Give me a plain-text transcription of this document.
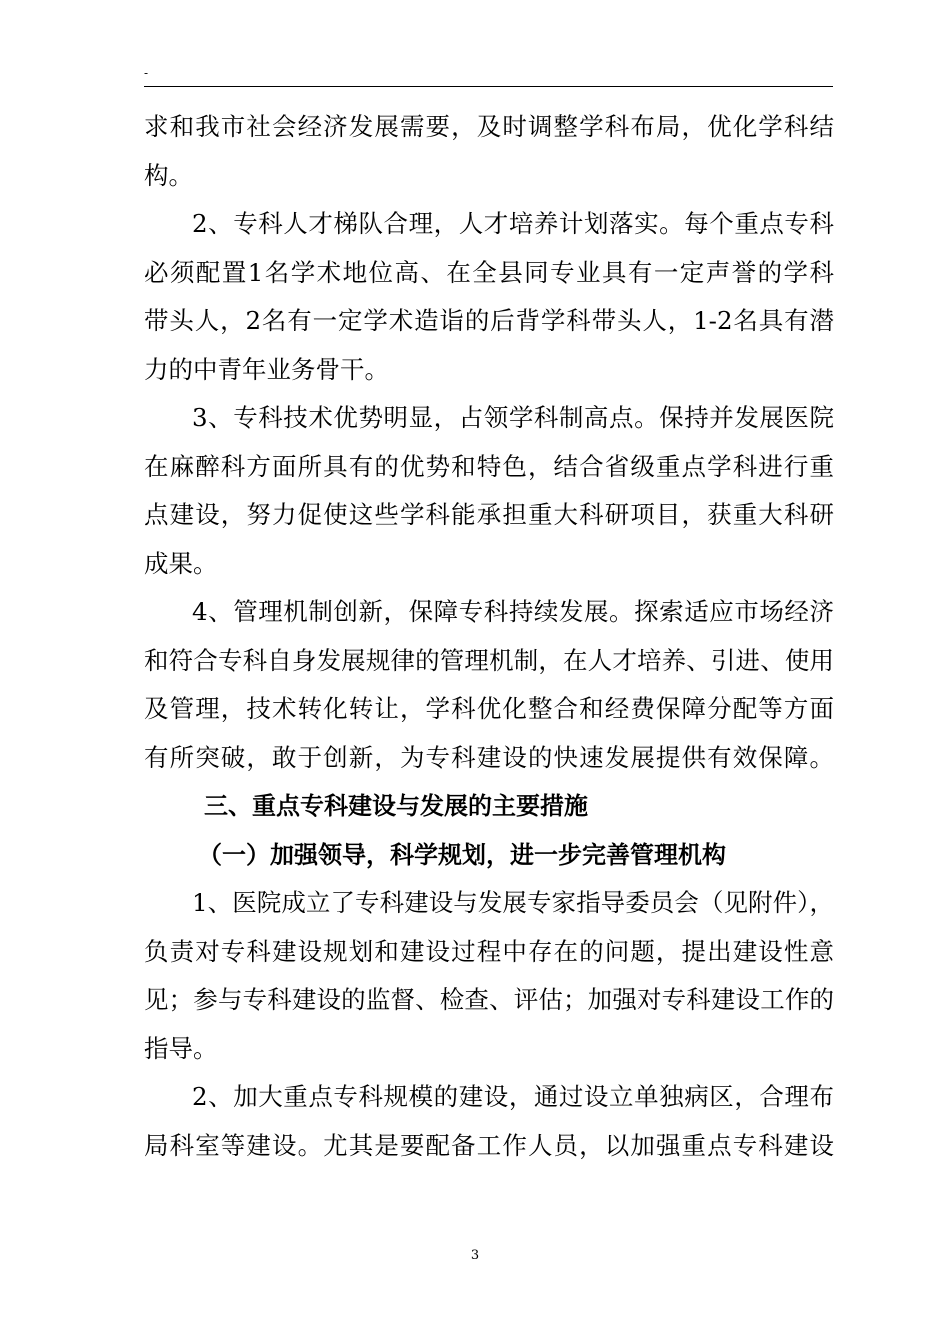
-
求和我市社会经济发展需要，及时调整学科布局，优化学科结
构。
2、专科人才梯队合理，人才培养计划落实。每个重点专科
必须配置1名学术地位高、在全县同专业具有一定声誉的学科
带头人，2名有一定学术造诣的后背学科带头人，1-2名具有潜
力的中青年业务骨干。
3、专科技术优势明显，占领学科制高点。保持并发展医院
在麻醉科方面所具有的优势和特色，结合省级重点学科进行重
点建设，努力促使这些学科能承担重大科研项目，获重大科研
成果。
4、管理机制创新，保障专科持续发展。探索适应市场经济
和符合专科自身发展规律的管理机制，在人才培养、引进、使用
及管理，技术转化转让，学科优化整合和经费保障分配等方面
有所突破，敢于创新，为专科建设的快速发展提供有效保障。
三、重点专科建设与发展的主要措施
（一）加强领导，科学规划，进一步完善管理机构
1、医院成立了专科建设与发展专家指导委员会（见附件），
负责对专科建设规划和建设过程中存在的问题，提出建设性意
见；参与专科建设的监督、检查、评估；加强对专科建设工作的
指导。
2、加大重点专科规模的建设，通过设立单独病区，合理布
局科室等建设。尤其是要配备工作人员，以加强重点专科建设
3
